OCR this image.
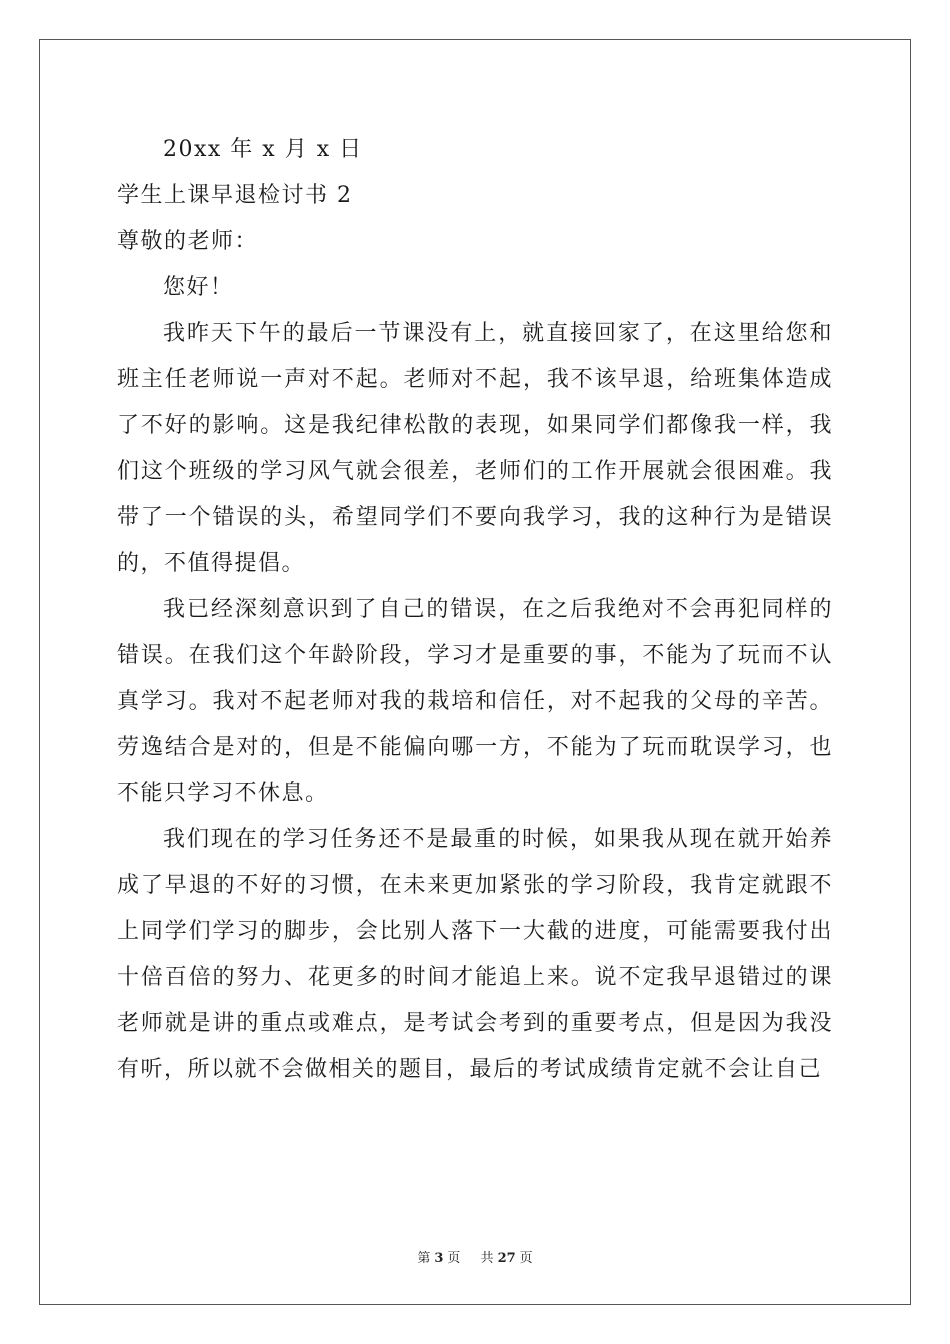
20xx 年 x 月 x 日

学生上课早退检讨书 2

尊敬的老师：

您好！

我昨天下午的最后一节课没有上，就直接回家了，在这里给您和班主任老师说一声对不起。老师对不起，我不该早退，给班集体造成了不好的影响。这是我纪律松散的表现，如果同学们都像我一样，我们这个班级的学习风气就会很差，老师们的工作开展就会很困难。我带了一个错误的头，希望同学们不要向我学习，我的这种行为是错误的，不值得提倡。

我已经深刻意识到了自己的错误，在之后我绝对不会再犯同样的错误。在我们这个年龄阶段，学习才是重要的事，不能为了玩而不认真学习。我对不起老师对我的栽培和信任，对不起我的父母的辛苦。劳逸结合是对的，但是不能偏向哪一方，不能为了玩而耽误学习，也不能只学习不休息。

我们现在的学习任务还不是最重的时候，如果我从现在就开始养成了早退的不好的习惯，在未来更加紧张的学习阶段，我肯定就跟不上同学们学习的脚步，会比别人落下一大截的进度，可能需要我付出十倍百倍的努力、花更多的时间才能追上来。说不定我早退错过的课老师就是讲的重点或难点，是考试会考到的重要考点，但是因为我没有听，所以就不会做相关的题目，最后的考试成绩肯定就不会让自己

第 3 页 共 27 页
